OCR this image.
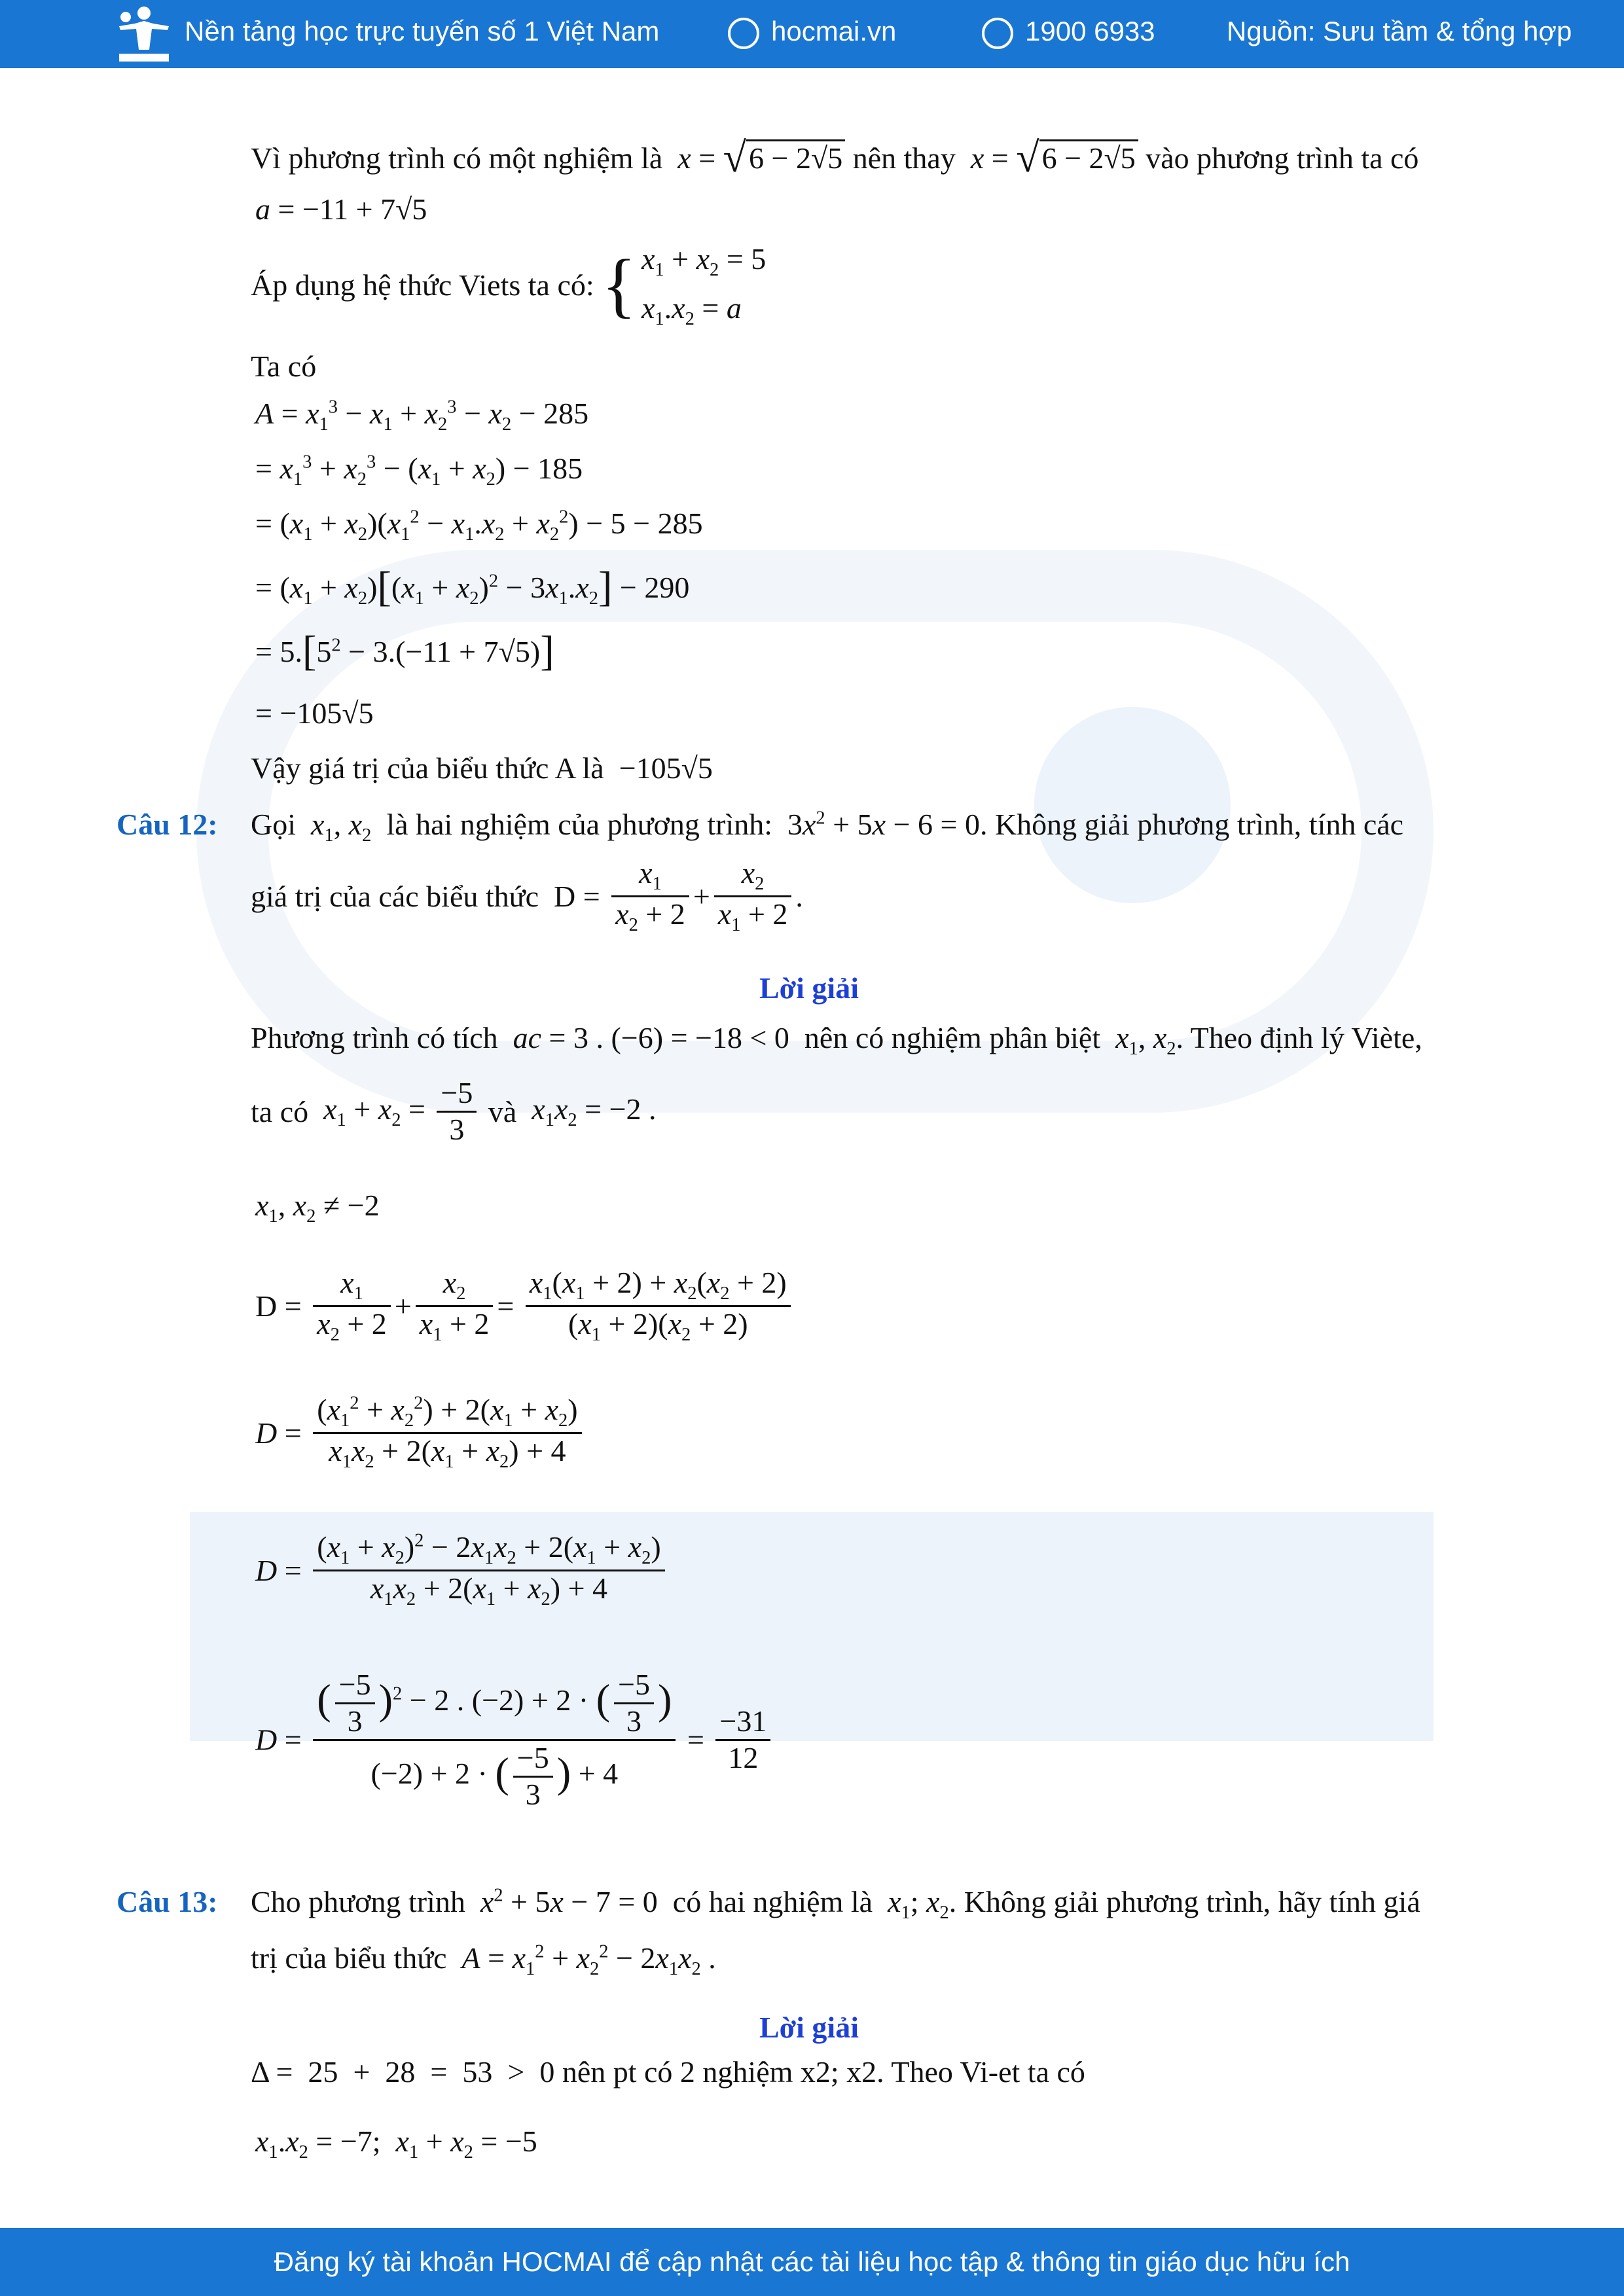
Nền tảng học trực tuyến số 1 Việt Nam	hocmai.vn	1900 6933	Nguồn: Sưu tầm & tổng hợp
Vì phương trình có một nghiệm là x = √6 − 2√5 nên thay x = √6 − 2√5 vào phương trình ta có
a = −11 + 7√5
Áp dụng hệ thức Viets ta có: { $x_1 + x_2 = 5$
$x_1.x_2 = a$
Ta có
$A = x_1^3 - x_1 + x_2^3 - x_2 - 285$
= $x_1^3 + x_2^3 - (x_1 + x_2) - 185$
= $(x_1 + x_2)(x_1^2 - x_1.x_2 + x_2^2) - 5 - 285$
= $(x_1 + x_2)[(x_1 + x_2)^2 - 3x_1.x_2] - 290$
= $5.[5^2 - 3.(-11 + 7√5)]$
= −105√5
Vậy giá trị của biểu thức A là  −105√5
Câu 12: Gọi $x_1$, $x_2$ là hai nghiệm của phương trình:  $3x^2 + 5x - 6 = 0$. Không giải phương trình, tính các
giá trị của các biểu thức $D = \frac{x_1}{x_2 + 2} + \frac{x_2}{x_1 + 2}$ .
Lời giải
Phương trình có tích ac = 3 . (−6) = −18 < 0  nên có nghiệm phân biệt $x_1$, $x_2$. Theo định lý Viète,
ta có $x_1 + x_2 = \frac{-5}{3}$ và $x_1x_2 = -2$ .
$x_1$, $x_2 \ne -2$
$D = \frac{x_1}{x_2 + 2} + \frac{x_2}{x_1 + 2} = \frac{x_1(x_1 + 2) + x_2(x_2 + 2)}{(x_1 + 2)(x_2 + 2)}$
$D = \frac{(x_1^2 + x_2^2) + 2(x_1 + x_2)}{x_1x_2 + 2(x_1 + x_2) + 4}$
$D = \frac{(x_1 + x_2)^2 - 2x_1x_2 + 2(x_1 + x_2)}{x_1x_2 + 2(x_1 + x_2) + 4}$
$D = \frac{( \frac{-5}{3} )^2 - 2 . (-2) + 2 \cdot ( \frac{-5}{3} )}{(-2) + 2 \cdot ( \frac{-5}{3} ) + 4} = \frac{-31}{12}$
Câu 13: Cho phương trình $x^2 + 5x - 7 = 0$  có hai nghiệm là $x_1$; $x_2$. Không giải phương trình, hãy tính giá
trị của biểu thức $A = x_1^2 + x_2^2 - 2x_1x_2$ .
Lời giải
Δ =  25  +  28  =  53  >  0 nên pt có 2 nghiệm x2; x2. Theo Vi-et ta có
$x_1.x_2 = -7$;  $x_1 + x_2 = -5$
Đăng ký tài khoản HOCMAI để cập nhật các tài liệu học tập & thông tin giáo dục hữu ích
